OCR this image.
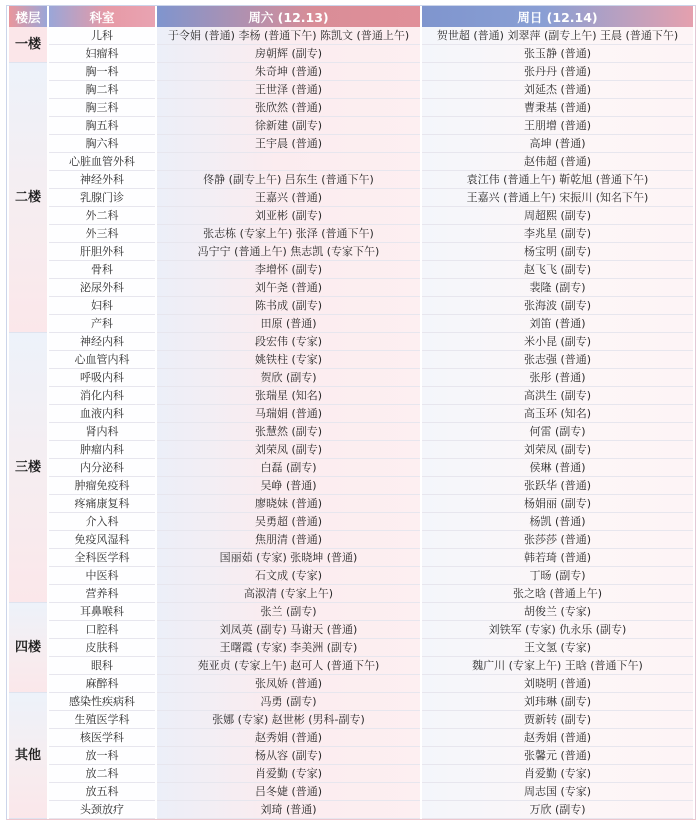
楼层	科室	周六 (12.13)	周日 (12.14)
一楼	儿科	于令娟 (普通) 李杨 (普通下午) 陈凯文 (普通上午)	贺世超 (普通) 刘翠萍 (副专上午) 王晨 (普通下午)
	妇瘤科	房朝辉 (副专)	张玉静 (普通)
二楼	胸一科	朱奇坤 (普通)	张丹丹 (普通)
	胸二科	王世泽 (普通)	刘延杰 (普通)
	胸三科	张欣然 (普通)	曹秉基 (普通)
	胸五科	徐新建 (副专)	王朋增 (普通)
	胸六科	王宇晨 (普通)	高坤 (普通)
	心脏血管外科		赵伟超 (普通)
	神经外科	佟静 (副专上午) 吕东生 (普通下午)	袁江伟 (普通上午) 靳乾旭 (普通下午)
	乳腺门诊	王嘉兴 (普通)	王嘉兴 (普通上午) 宋振川 (知名下午)
	外二科	刘亚彬 (副专)	周超熙 (副专)
	外三科	张志栋 (专家上午) 张泽 (普通下午)	李兆星 (副专)
	肝胆外科	冯宁宁 (普通上午) 焦志凯 (专家下午)	杨宝明 (副专)
	骨科	李增怀 (副专)	赵飞飞 (副专)
	泌尿外科	刘午尧 (普通)	裴隆 (副专)
	妇科	陈书成 (副专)	张海波 (副专)
	产科	田原 (普通)	刘笛 (普通)
三楼	神经内科	段宏伟 (专家)	米小昆 (副专)
	心血管内科	姚铁柱 (专家)	张志强 (普通)
	呼吸内科	贺欣 (副专)	张彤 (普通)
	消化内科	张瑞星 (知名)	高洪生 (副专)
	血液内科	马瑞娟 (普通)	高玉环 (知名)
	肾内科	张慧然 (副专)	何雷 (副专)
	肿瘤内科	刘荣凤 (副专)	刘荣凤 (副专)
	内分泌科	白磊 (副专)	侯琳 (普通)
	肿瘤免疫科	吴峥 (普通)	张跃华 (普通)
	疼痛康复科	廖晓妹 (普通)	杨娟丽 (副专)
	介入科	吴勇超 (普通)	杨凯 (普通)
	免疫风湿科	焦朋清 (普通)	张莎莎 (普通)
	全科医学科	国丽茹 (专家) 张晓坤 (普通)	韩若琦 (普通)
	中医科	石文成 (专家)	丁旸 (副专)
	营养科	高淑清 (专家上午)	张之晗 (普通上午)
四楼	耳鼻喉科	张兰 (副专)	胡俊兰 (专家)
	口腔科	刘凤英 (副专) 马谢天 (普通)	刘铁军 (专家) 仇永乐 (副专)
	皮肤科	王曙霞 (专家) 李美洲 (副专)	王文氢 (专家)
	眼科	苑亚贞 (专家上午) 赵可人 (普通下午)	魏广川 (专家上午) 王晗 (普通下午)
	麻醉科	张凤娇 (普通)	刘晓明 (普通)
其他	感染性疾病科	冯勇 (副专)	刘玮琳 (副专)
	生殖医学科	张娜 (专家) 赵世彬 (男科-副专)	贾新转 (副专)
	核医学科	赵秀娟 (普通)	赵秀娟 (普通)
	放一科	杨从容 (副专)	张馨元 (普通)
	放二科	肖爱勤 (专家)	肖爱勤 (专家)
	放五科	吕冬婕 (普通)	周志国 (专家)
	头颈放疗	刘琦 (普通)	万欣 (副专)
